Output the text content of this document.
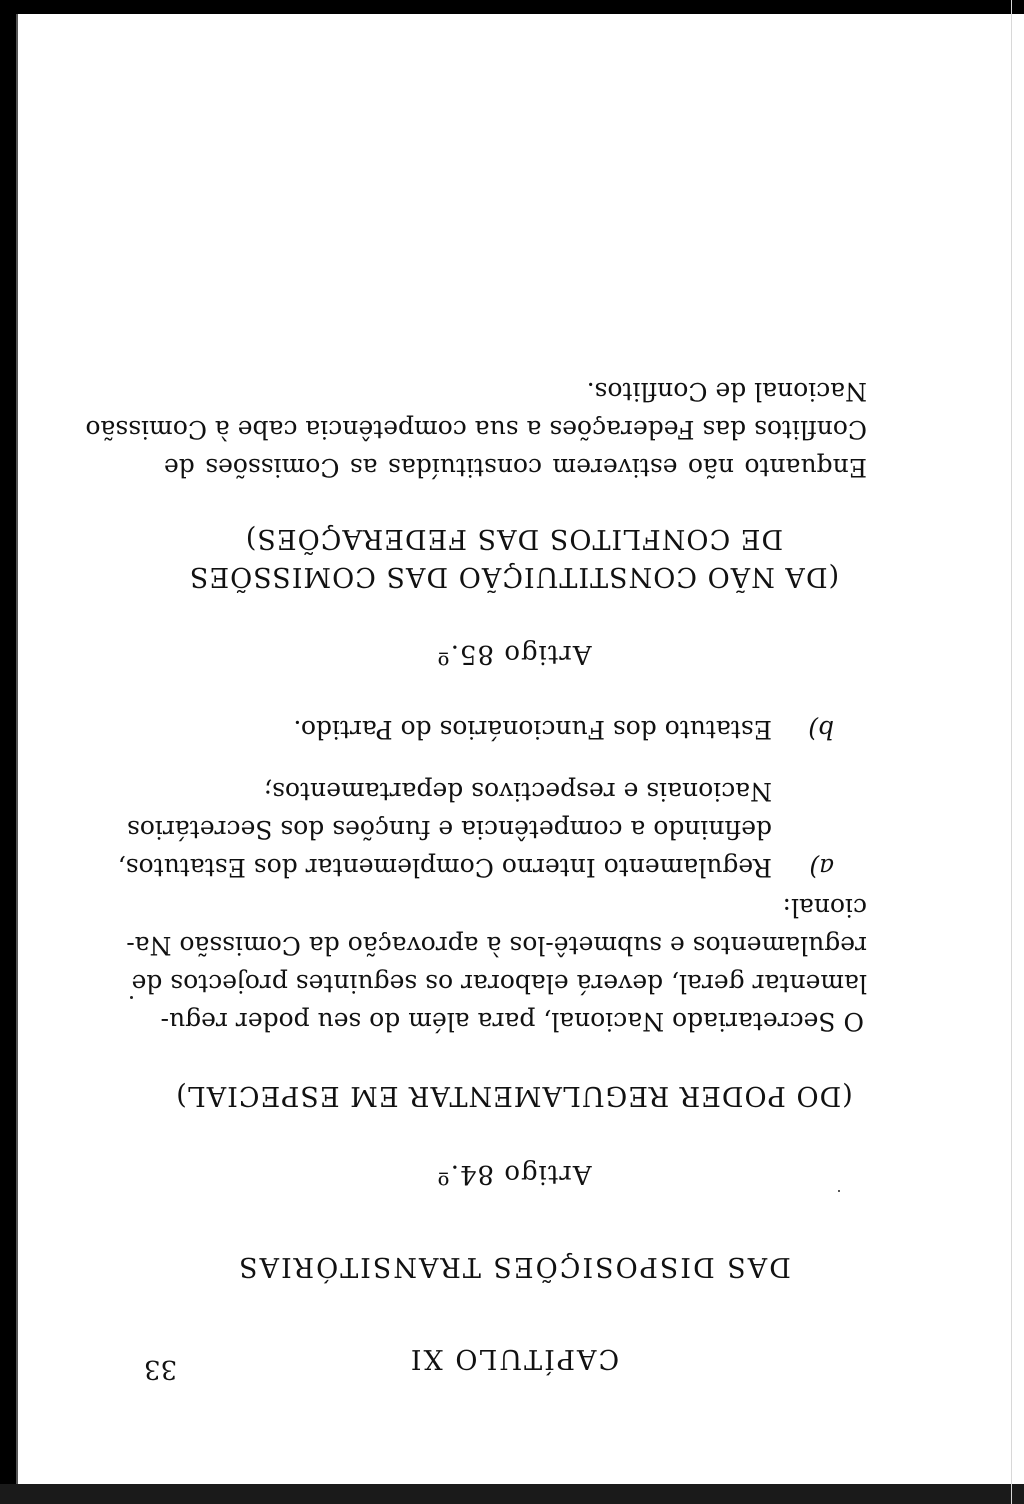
33	CAPÍTULO XI
DAS DISPOSIÇÕES TRANSITÓRIAS
Artigo 84.º
(DO PODER REGULAMENTAR EM ESPECIAL)
O Secretariado Nacional, para além do seu poder regu-
lamentar geral, deverá elaborar os seguintes projectos de
regulamentos e submetê-los à aprovação da Comissão Na-
cional:
a)
Regulamento Interno Complementar dos Estatutos,
definindo a competência e funções dos Secretários
Nacionais e respectivos departamentos;
b)
Estatuto dos Funcionários do Partido.
Artigo 85.º
(DA NÃO CONSTITUIÇÃO DAS COMISSÕES
DE CONFLITOS DAS FEDERAÇÕES)
Enquanto não estiverem constituídas as Comissões de
Conflitos das Federações a sua competência cabe à Comissão
Nacional de Conflitos.
